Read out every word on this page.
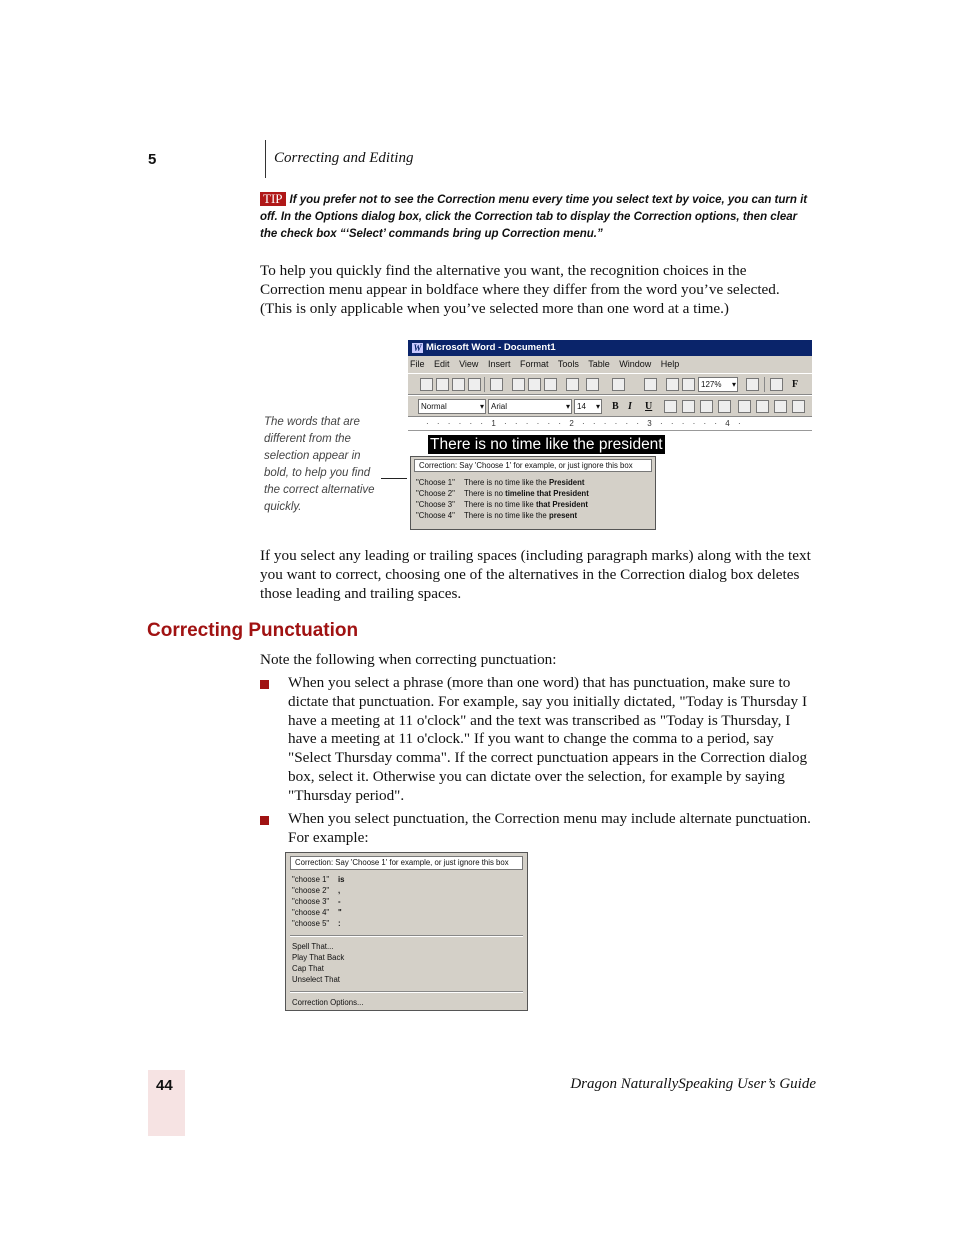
5	Correcting and Editing
TIP If you prefer not to see the Correction menu every time you select text by voice, you can turn it off. In the Options dialog box, click the Correction tab to display the Correction options, then clear the check box “‘Select’ commands bring up Correction menu.”
To help you quickly find the alternative you want, the recognition choices in the Correction menu appear in boldface where they differ from the word you’ve selected. (This is only applicable when you’ve selected more than one word at a time.)
The words that are different from the selection appear in bold, to help you find the correct alternative quickly.
W Microsoft Word - Document1
File Edit View Insert Format Tools Table Window Help
127% ▾	F
Normal ▾	Arial ▾	14 ▾	B I U
· · · · · · 1 · · · · · · 2 · · · · · · 3 · · · · · · 4 ·
There is no time like the president
Correction: Say 'Choose 1' for example, or just ignore this box
"Choose 1" There is no time like the President
"Choose 2" There is no timeline that President
"Choose 3" There is no time like that President
"Choose 4" There is no time like the present
If you select any leading or trailing spaces (including paragraph marks) along with the text you want to correct, choosing one of the alternatives in the Correction dialog box deletes those leading and trailing spaces.
Correcting Punctuation
Note the following when correcting punctuation:
When you select a phrase (more than one word) that has punctuation, make sure to dictate that punctuation. For example, say you initially dictated, "Today is Thursday I have a meeting at 11 o'clock" and the text was transcribed as "Today is Thursday, I have a meeting at 11 o'clock." If you want to change the comma to a period, say "Select Thursday comma". If the correct punctuation appears in the Correction dialog box, select it. Otherwise you can dictate over the selection, for example by saying "Thursday period".
When you select punctuation, the Correction menu may include alternate punctuation. For example:
Correction: Say 'Choose 1' for example, or just ignore this box
"choose 1" is
"choose 2" ,
"choose 3" -
"choose 4" "
"choose 5" :
Spell That...
Play That Back
Cap That
Unselect That
Correction Options...
44	Dragon NaturallySpeaking User’s Guide
